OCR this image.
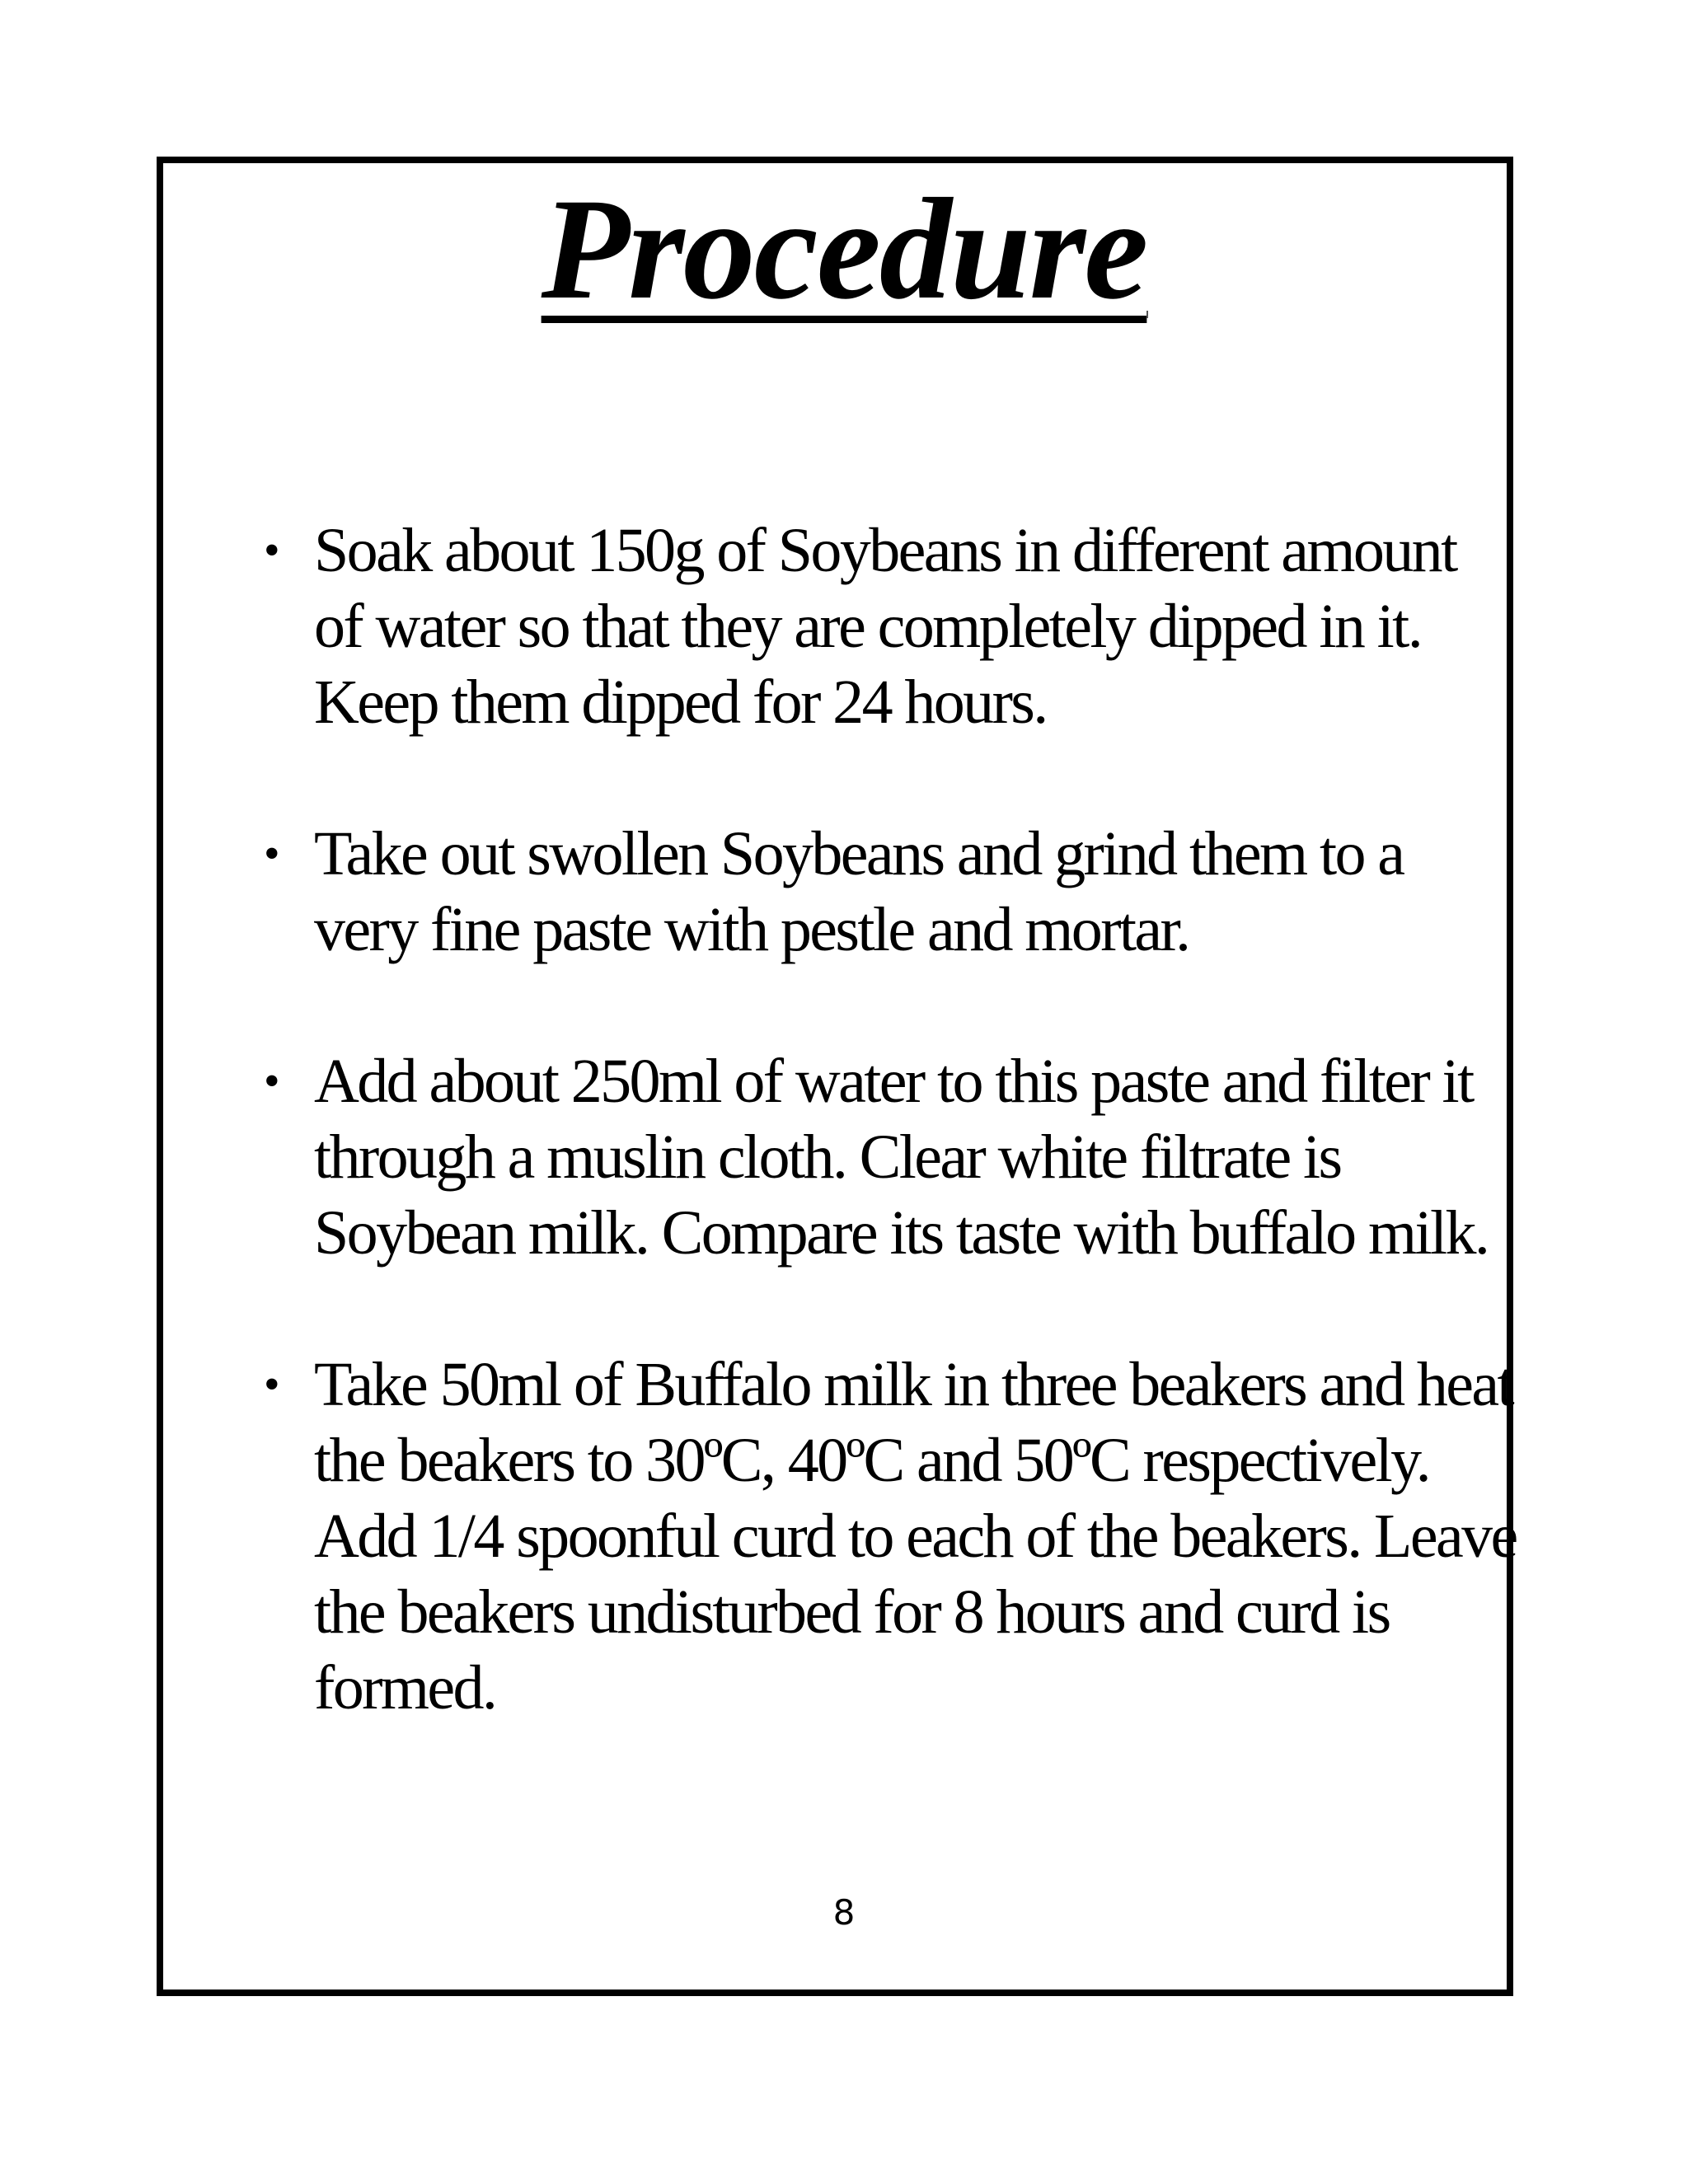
Procedure
• Soak about 150g of Soybeans in different amount of water so that they are completely dipped in it. Keep them dipped for 24 hours.
• Take out swollen Soybeans and grind them to a very fine paste with pestle and mortar.
• Add about 250ml of water to this paste and filter it through a muslin cloth. Clear white filtrate is Soybean milk. Compare its taste with buffalo milk.
• Take 50ml of Buffalo milk in three beakers and heat the beakers to 30ºC, 40ºC and 50ºC respectively. Add 1/4 spoonful curd to each of the beakers. Leave the beakers undisturbed for 8 hours and curd is formed.
8
